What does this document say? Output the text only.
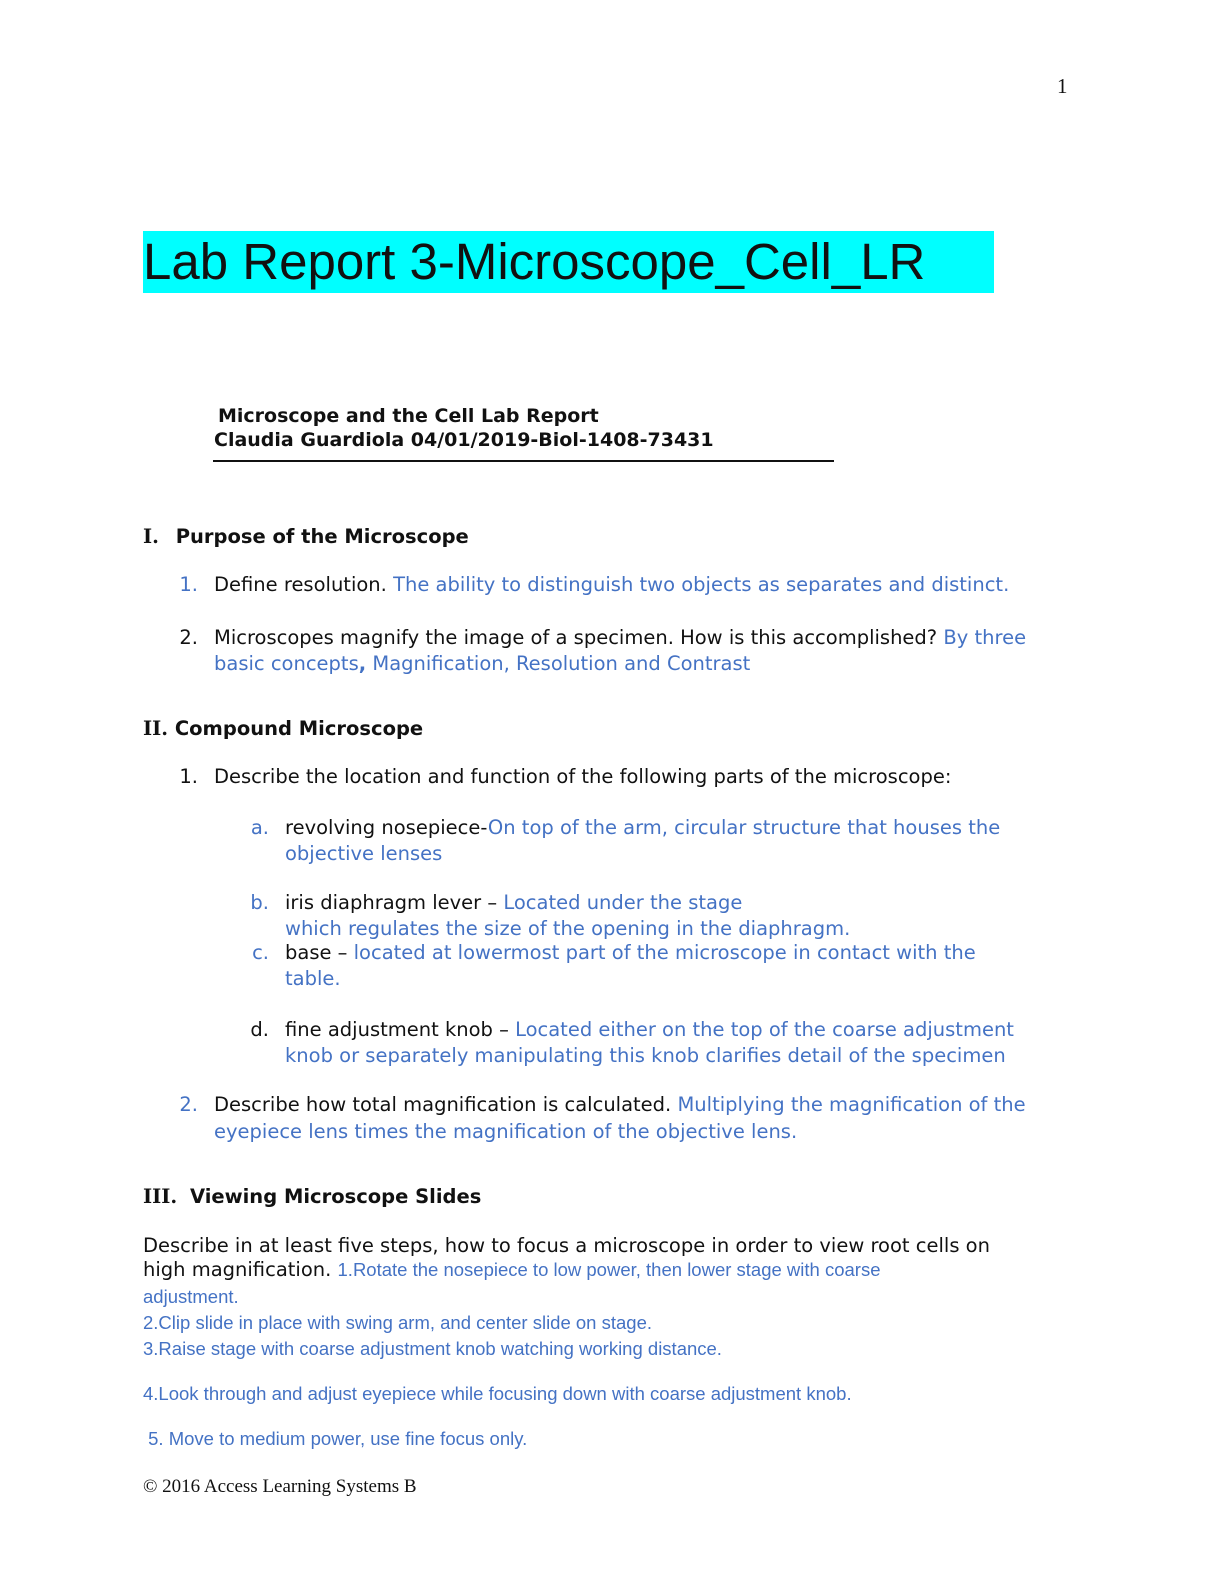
1
Lab Report 3-Microscope_Cell_LR
Microscope and the Cell Lab Report
Claudia Guardiola 04/01/2019-Biol-1408-73431
I. Purpose of the Microscope
1. Define resolution. The ability to distinguish two objects as separates and distinct.
2. Microscopes magnify the image of a specimen. How is this accomplished? By three
basic concepts, Magnification, Resolution and Contrast
II. Compound Microscope
1. Describe the location and function of the following parts of the microscope:
a. revolving nosepiece-On top of the arm, circular structure that houses the
objective lenses
b. iris diaphragm lever – Located under the stage
which regulates the size of the opening in the diaphragm.
c. base – located at lowermost part of the microscope in contact with the
table.
d. fine adjustment knob – Located either on the top of the coarse adjustment
knob or separately manipulating this knob clarifies detail of the specimen
2. Describe how total magnification is calculated. Multiplying the magnification of the
eyepiece lens times the magnification of the objective lens.
III. Viewing Microscope Slides
Describe in at least five steps, how to focus a microscope in order to view root cells on
high magnification. 1.Rotate the nosepiece to low power, then lower stage with coarse
adjustment.
2.Clip slide in place with swing arm, and center slide on stage.
3.Raise stage with coarse adjustment knob watching working distance.
4.Look through and adjust eyepiece while focusing down with coarse adjustment knob.
5. Move to medium power, use fine focus only.
© 2016 Access Learning Systems B
